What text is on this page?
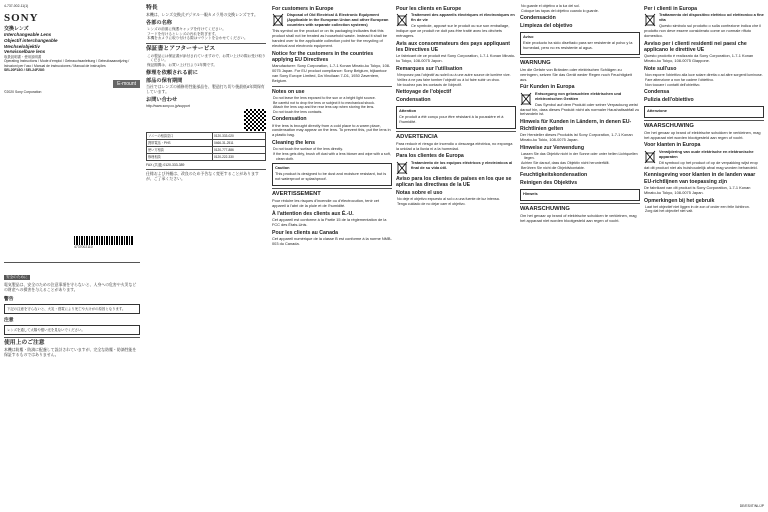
4-737-002-11(1)

SONY

交換レンズ

Interchangeable Lens

Objectif interchangeable

Wechselobjektiv

Verwisselbare lens

取扱説明書・使用説明書

Operating Instructions / Mode d'emploi / Gebrauchsanleitung / Gebruiksaanwijzing / Istruzioni per l'uso / Manual de instrucciones / Manual de instruções

SEL20F18G / SEL24F28G

E-mount

©2020 Sony Corporation

4737002110

安全のために

電気製品は、安全のための注意事項を守らないと、人身への危害や火災などの財産への損害を与えることがあります。

警告

下記の注意を守らないと、火災・感電により死亡や大けがの原因となります。

注意

レンズを通して太陽や強い光を見ないでください。

使用上のご注意

本機は防塵・防滴に配慮して設計されていますが、完全な防塵・防滴性能を保証するものではありません。

特長

本機は、レンズ交換式デジタル一眼カメラ用の交換レンズです。

各部の名称

レンズの前面に保護キャップを付けてください。

フードを付けるとレンズの汚れを防ぎます。

本機をカメラに取り付ける際はマウントを合わせてください。

保証書とアフターサービス

この製品には保証書が添付されていますので、お買い上げの際お受け取りください。

保証期間は、お買い上げ日より1年間です。

修理を依頼される前に

部品の保有期間

当社ではレンズの補修用性能部品を、製造打ち切り後最低8年間保有しています。

お問い合わせ

http://www.sony.co.jp/support

ソニーの相談窓口	0120-333-020
携帯電話・PHS	0466-31-2511
使い方相談	0120-777-886
修理相談	0120-222-330

FAX (共通) 0120-333-389

仕様および外観は、改良のため予告なく変更することがありますが、ご了承ください。

For customers in Europe

Disposal of Old Electrical & Electronic Equipment (Applicable in the European Union and other European countries with separate collection systems)

This symbol on the product or on its packaging indicates that this product shall not be treated as household waste. Instead it shall be handed over to the applicable collection point for the recycling of electrical and electronic equipment.

Notice for the customers in the countries applying EU Directives

Manufacturer: Sony Corporation, 1-7-1 Konan Minato-ku Tokyo, 108-0075 Japan. For EU product compliance: Sony Belgium, bijkantoor van Sony Europe Limited, Da Vincilaan 7-D1, 1930 Zaventem, Belgium.

Notes on use

Do not leave the lens exposed to the sun or a bright light source.

Be careful not to drop the lens or subject it to mechanical shock.

Attach the lens cap and the rear lens cap when storing the lens.

Do not touch the lens contacts.

Condensation

If the lens is brought directly from a cold place to a warm place, condensation may appear on the lens. To prevent this, put the lens in a plastic bag.

Cleaning the lens

Do not touch the surface of the lens directly.

If the lens gets dirty, brush off dust with a lens blower and wipe with a soft, clean cloth.

Caution

This product is designed to be dust and moisture resistant, but is not waterproof or splashproof.

AVERTISSEMENT

Pour réduire les risques d'incendie ou d'électrocution, tenir cet appareil à l'abri de la pluie et de l'humidité.

À l'attention des clients aux É.-U.

Cet appareil est conforme à la Partie 15 de la réglementation de la FCC des États-Unis.

Pour les clients au Canada

Cet appareil numérique de la classe B est conforme à la norme NMB-003 du Canada.

Pour les clients en Europe

Traitement des appareils électriques et électroniques en fin de vie

Ce symbole, apposé sur le produit ou sur son emballage, indique que ce produit ne doit pas être traité avec les déchets ménagers.

Avis aux consommateurs des pays appliquant les Directives UE

Le fabricant de ce produit est Sony Corporation, 1-7-1 Konan Minato-ku Tokyo, 108-0075 Japon.

Remarques sur l'utilisation

N'exposez pas l'objectif au soleil ou à une autre source de lumière vive.

Veillez à ne pas faire tomber l'objectif ou à lui faire subir un choc.

Ne touchez pas les contacts de l'objectif.

Nettoyage de l'objectif

Condensation

Attention

Ce produit a été conçu pour être résistant à la poussière et à l'humidité.

ADVERTENCIA

Para reducir el riesgo de incendio o descarga eléctrica, no exponga la unidad a la lluvia ni a la humedad.

Para los clientes de Europa

Tratamiento de los equipos eléctricos y electrónicos al final de su vida útil.

Aviso para los clientes de países en los que se aplican las directivas de la UE

Notas sobre el uso

No deje el objetivo expuesto al sol o a una fuente de luz intensa.

Tenga cuidado de no dejar caer el objetivo.

No guarde el objetivo a la luz del sol.

Coloque las tapas del objetivo cuando lo guarde.

Condensación

Limpieza del objetivo

Aviso

Este producto ha sido diseñado para ser resistente al polvo y la humedad, pero no es resistente al agua.

WARNUNG

Um die Gefahr von Bränden oder elektrischen Schlägen zu verringern, setzen Sie das Gerät weder Regen noch Feuchtigkeit aus.

Für Kunden in Europa

Entsorgung von gebrauchten elektrischen und elektronischen Geräten

Das Symbol auf dem Produkt oder seiner Verpackung weist darauf hin, dass dieses Produkt nicht als normaler Haushaltsabfall zu behandeln ist.

Hinweis für Kunden in Ländern, in denen EU-Richtlinien gelten

Der Hersteller dieses Produkts ist Sony Corporation, 1-7-1 Konan Minato-ku Tokio, 108-0075 Japan.

Hinweise zur Verwendung

Lassen Sie das Objektiv nicht in der Sonne oder unter hellen Lichtquellen liegen.

Achten Sie darauf, dass das Objektiv nicht herunterfällt.

Berühren Sie nicht die Objektivkontakte.

Feuchtigkeitskondensation

Reinigen des Objektivs

Hinweis

WAARSCHUWING

Om het gevaar op brand of elektrische schokken te verkleinen, mag het apparaat niet worden blootgesteld aan regen of vocht.

Per i clienti in Europa

Trattamento del dispositivo elettrico od elettronico a fine vita

Questo simbolo sul prodotto o sulla confezione indica che il prodotto non deve essere considerato come un normale rifiuto domestico.

Avviso per i clienti residenti nei paesi che applicano le direttive UE

Questo prodotto è realizzato da Sony Corporation, 1-7-1 Konan Minato-ku Tokyo, 108-0075 Giappone.

Note sull'uso

Non esporre l'obiettivo alla luce solare diretta o ad altre sorgenti luminose.

Fare attenzione a non far cadere l'obiettivo.

Non toccare i contatti dell'obiettivo.

Condensa

Pulizia dell'obiettivo

Attenzione

WAARSCHUWING

Om het gevaar op brand of elektrische schokken te verkleinen, mag het apparaat niet worden blootgesteld aan regen of vocht.

Voor klanten in Europa

Verwijdering van oude elektrische en elektronische apparaten

Dit symbool op het product of op de verpakking wijst erop dat dit product niet als huishoudelijk afval mag worden behandeld.

Kennisgeving voor klanten in de landen waar EU-richtlijnen van toepassing zijn

De fabrikant van dit product is Sony Corporation, 1-7-1 Konan Minato-ku Tokyo, 108-0075 Japan.

Opmerkingen bij het gebruik

Laat het objectief niet liggen in de zon of onder een felle lichtbron.

Zorg dat het objectief niet valt.

DE/ES/IT/NL/JP
